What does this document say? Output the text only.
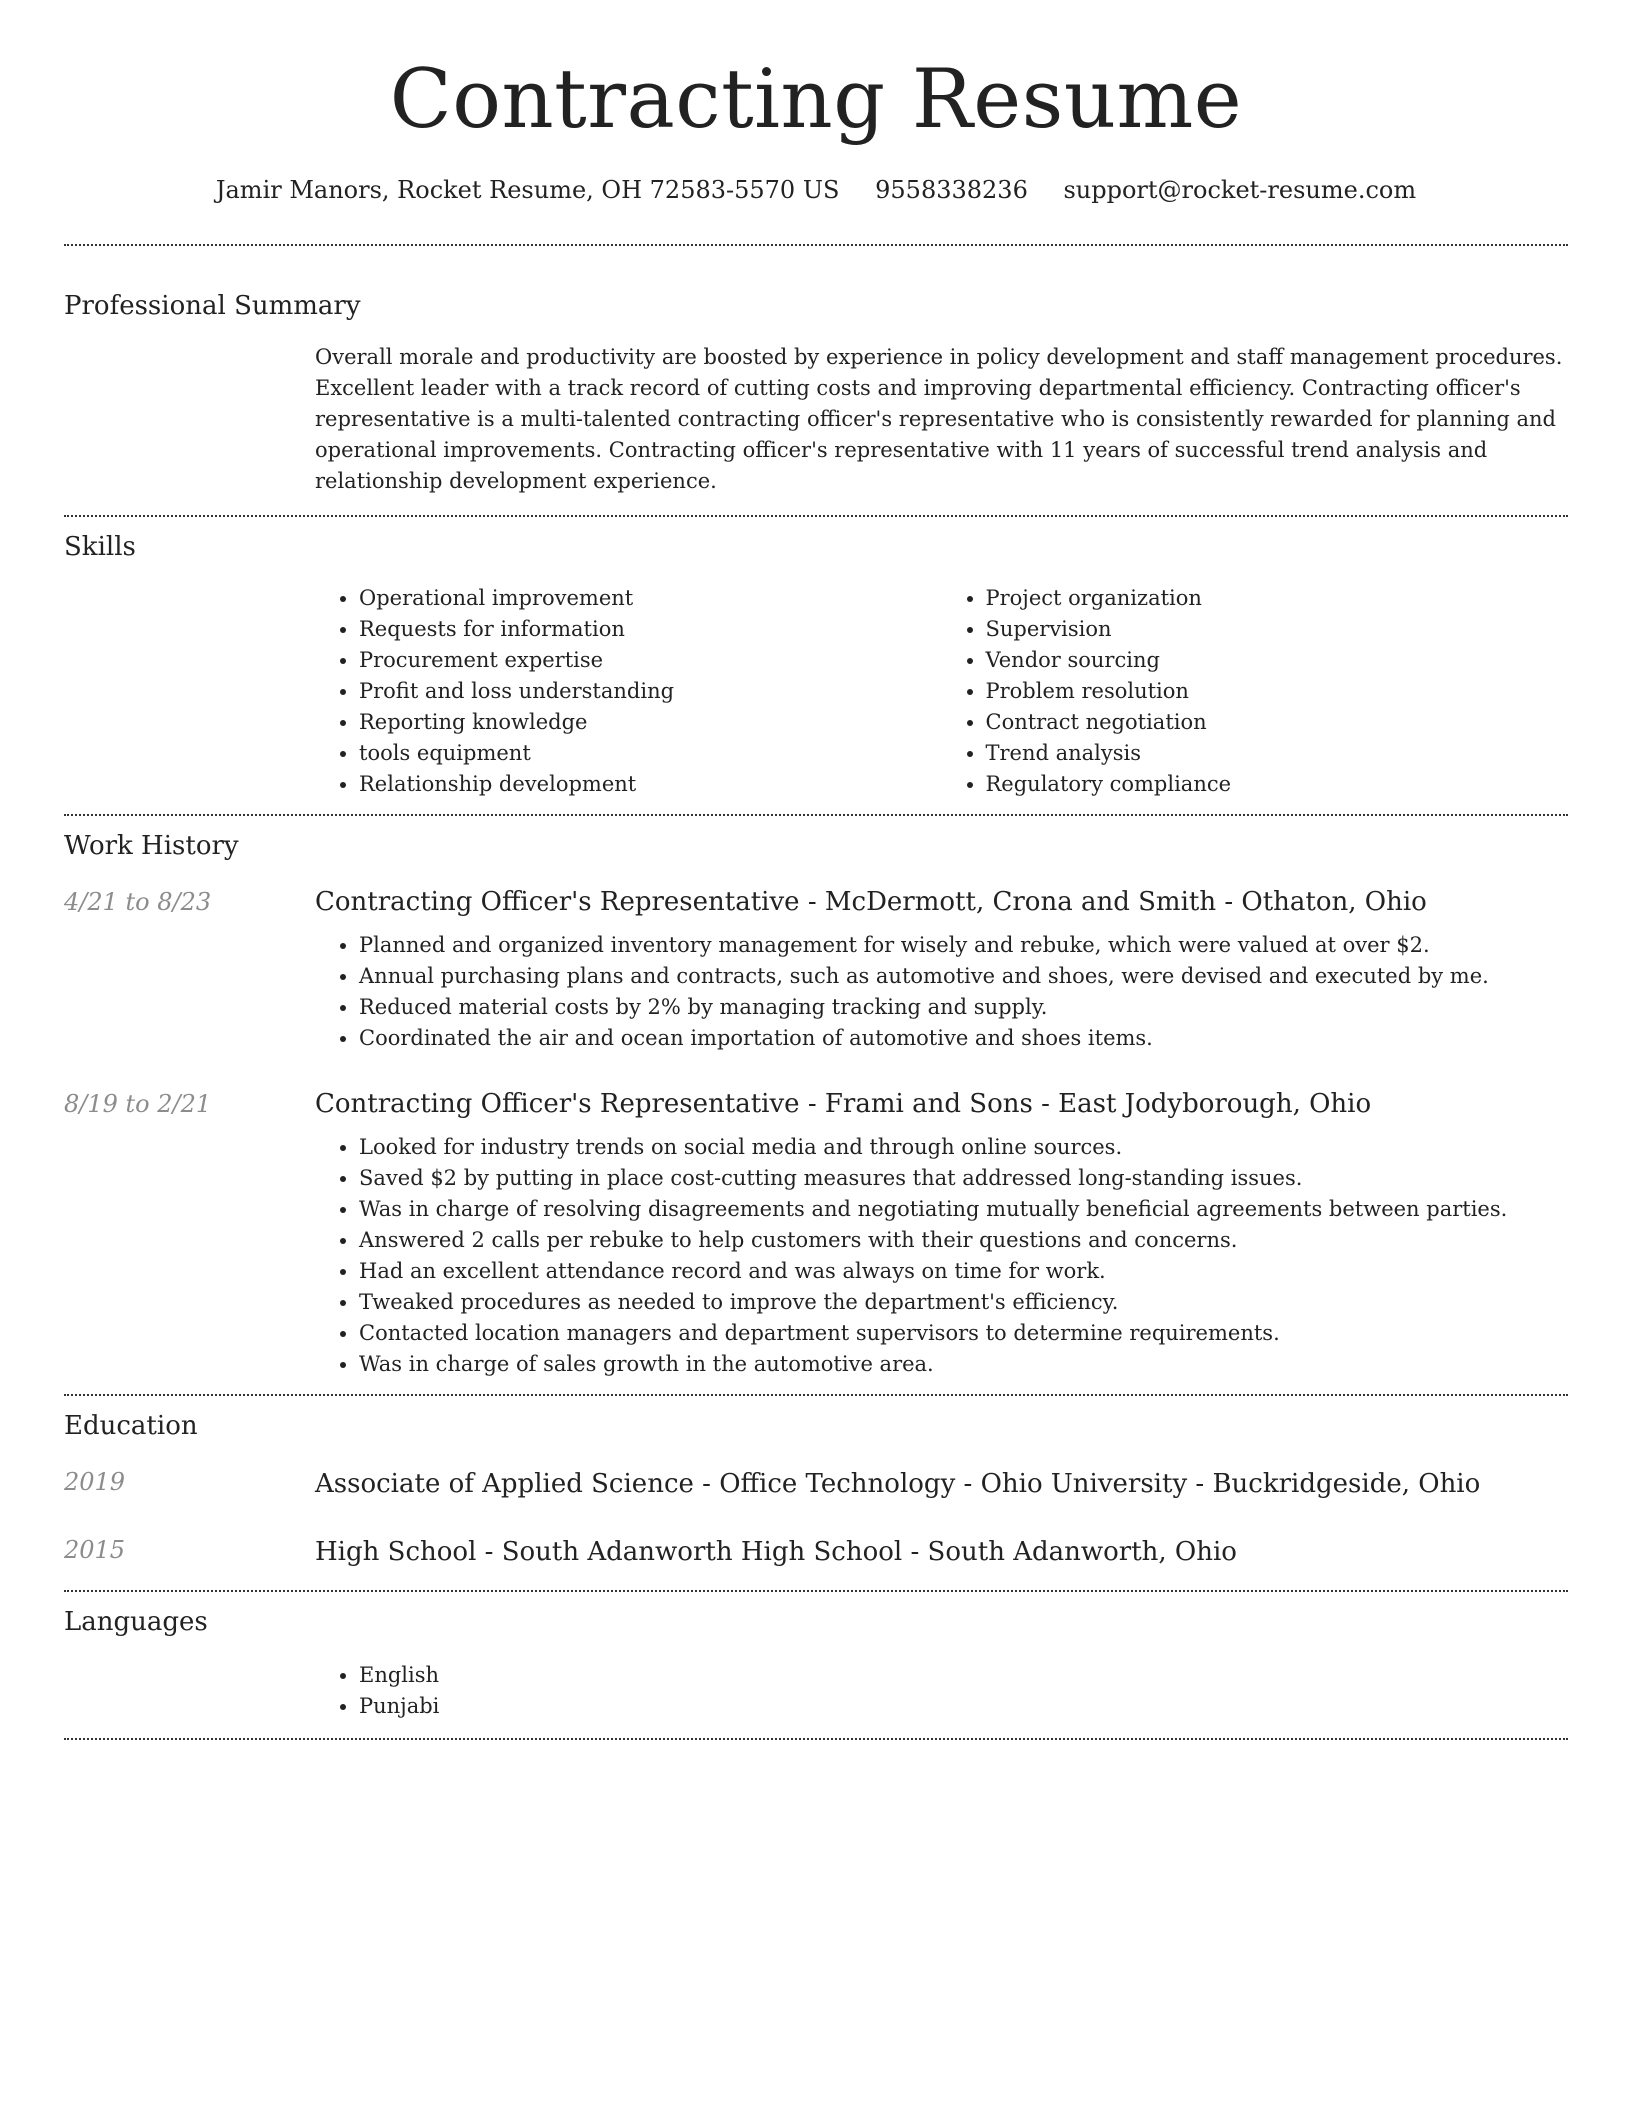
Contracting Resume
Jamir Manors, Rocket Resume, OH 72583-5570 US 9558338236 support@rocket-resume.com
Professional Summary

Overall morale and productivity are boosted by experience in policy development and staff management procedures. Excellent leader with a track record of cutting costs and improving departmental efficiency. Contracting officer's representative is a multi-talented contracting officer's representative who is consistently rewarded for planning and operational improvements. Contracting officer's representative with 11 years of successful trend analysis and relationship development experience.

Skills
• Operational improvement
• Requests for information
• Procurement expertise
• Profit and loss understanding
• Reporting knowledge
• tools equipment
• Relationship development
• Project organization
• Supervision
• Vendor sourcing
• Problem resolution
• Contract negotiation
• Trend analysis
• Regulatory compliance
Work History
4/21 to 8/23	Contracting Officer's Representative - McDermott, Crona and Smith - Othaton, Ohio
• Planned and organized inventory management for wisely and rebuke, which were valued at over $2.
• Annual purchasing plans and contracts, such as automotive and shoes, were devised and executed by me.
• Reduced material costs by 2% by managing tracking and supply.
• Coordinated the air and ocean importation of automotive and shoes items.
8/19 to 2/21	Contracting Officer's Representative - Frami and Sons - East Jodyborough, Ohio
• Looked for industry trends on social media and through online sources.
• Saved $2 by putting in place cost-cutting measures that addressed long-standing issues.
• Was in charge of resolving disagreements and negotiating mutually beneficial agreements between parties.
• Answered 2 calls per rebuke to help customers with their questions and concerns.
• Had an excellent attendance record and was always on time for work.
• Tweaked procedures as needed to improve the department's efficiency.
• Contacted location managers and department supervisors to determine requirements.
• Was in charge of sales growth in the automotive area.
Education
2019	Associate of Applied Science - Office Technology - Ohio University - Buckridgeside, Ohio
2015	High School - South Adanworth High School - South Adanworth, Ohio
Languages
• English
• Punjabi
